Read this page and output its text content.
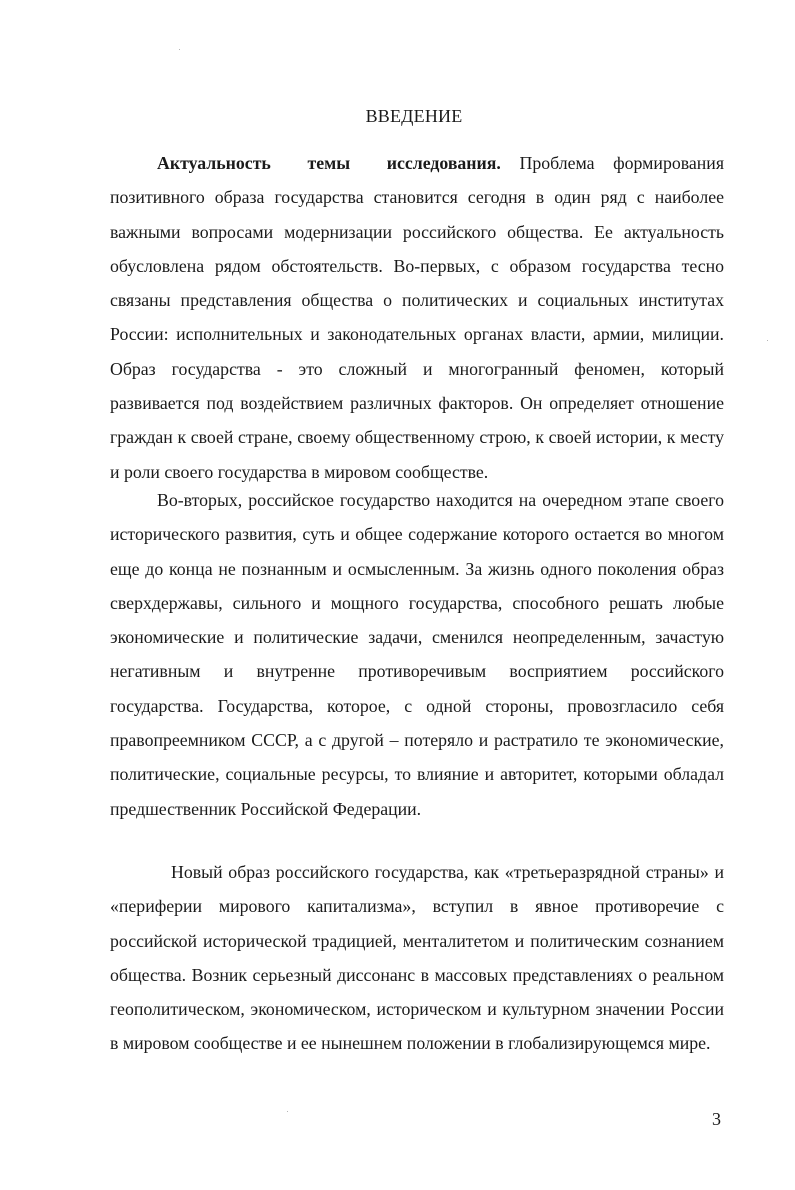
ВВЕДЕНИЕ

Актуальность темы исследования. Проблема формирования позитивного образа государства становится сегодня в один ряд с наиболее важными вопросами модернизации российского общества. Ее актуальность обусловлена рядом обстоятельств. Во-первых, с образом государства тесно связаны представления общества о политических и социальных институтах России: исполнительных и законодательных органах власти, армии, милиции. Образ государства - это сложный и многогранный феномен, который развивается под воздействием различных факторов. Он определяет отношение граждан к своей стране, своему общественному строю, к своей истории, к месту и роли своего государства в мировом сообществе.

Во-вторых, российское государство находится на очередном этапе своего исторического развития, суть и общее содержание которого остается во многом еще до конца не познанным и осмысленным. За жизнь одного поколения образ сверхдержавы, сильного и мощного государства, способного решать любые экономические и политические задачи, сменился неопределенным, зачастую негативным и внутренне противоречивым восприятием российского государства. Государства, которое, с одной стороны, провозгласило себя правопреемником СССР, а с другой – потеряло и растратило те экономические, политические, социальные ресурсы, то влияние и авторитет, которыми обладал предшественник Российской Федерации.

Новый образ российского государства, как «третьеразрядной страны» и «периферии мирового капитализма», вступил в явное противоречие с российской исторической традицией, менталитетом и политическим сознанием общества. Возник серьезный диссонанс в массовых представлениях о реальном геополитическом, экономическом, историческом и культурном значении России в мировом сообществе и ее нынешнем положении в глобализирующемся мире.

3
